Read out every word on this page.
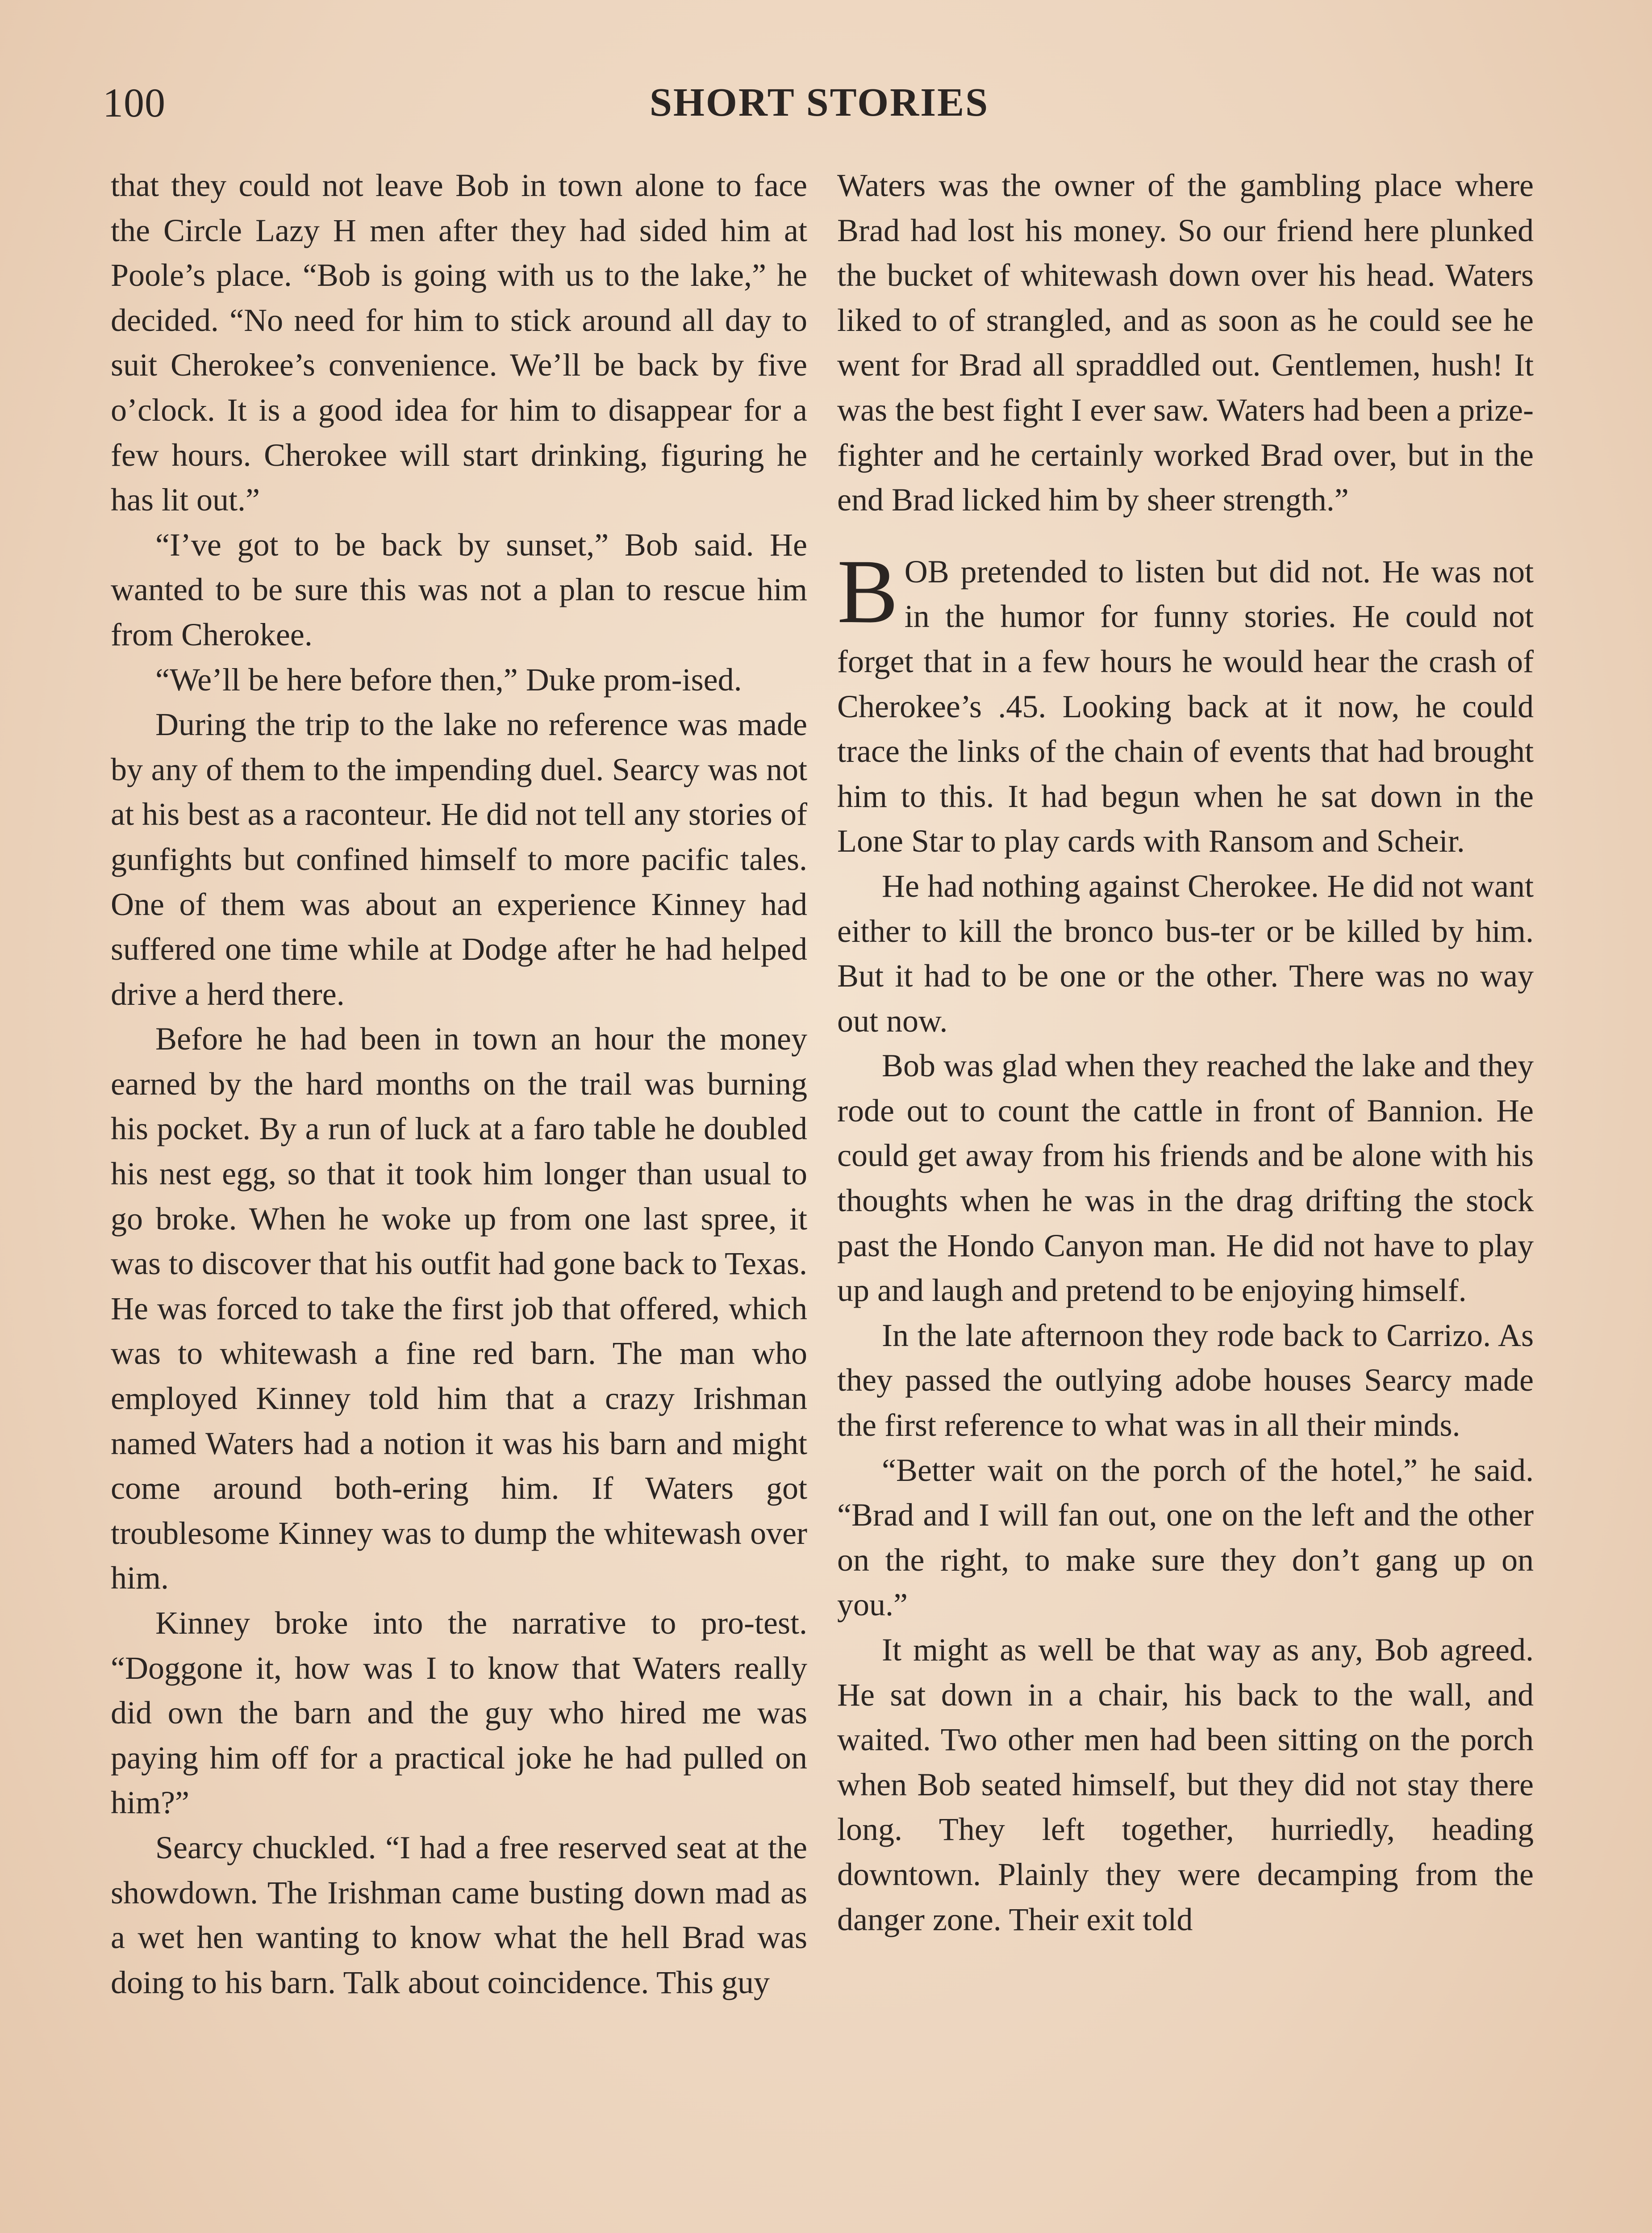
100	SHORT STORIES

that they could not leave Bob in town alone to face the Circle Lazy H men after they had sided him at Poole’s place. “Bob is going with us to the lake,” he decided. “No need for him to stick around all day to suit Cherokee’s convenience. We’ll be back by five o’clock. It is a good idea for him to disappear for a few hours. Cherokee will start drinking, figuring he has lit out.”

“I’ve got to be back by sunset,” Bob said. He wanted to be sure this was not a plan to rescue him from Cherokee.

“We’ll be here before then,” Duke prom-ised.

During the trip to the lake no reference was made by any of them to the impending duel. Searcy was not at his best as a raconteur. He did not tell any stories of gunfights but confined himself to more pacific tales. One of them was about an experience Kinney had suffered one time while at Dodge after he had helped drive a herd there.

Before he had been in town an hour the money earned by the hard months on the trail was burning his pocket. By a run of luck at a faro table he doubled his nest egg, so that it took him longer than usual to go broke. When he woke up from one last spree, it was to discover that his outfit had gone back to Texas. He was forced to take the first job that offered, which was to whitewash a fine red barn. The man who employed Kinney told him that a crazy Irishman named Waters had a notion it was his barn and might come around both-ering him. If Waters got troublesome Kinney was to dump the whitewash over him.

Kinney broke into the narrative to pro-test. “Doggone it, how was I to know that Waters really did own the barn and the guy who hired me was paying him off for a practical joke he had pulled on him?”

Searcy chuckled. “I had a free reserved seat at the showdown. The Irishman came busting down mad as a wet hen wanting to know what the hell Brad was doing to his barn. Talk about coincidence. This guy

Waters was the owner of the gambling place where Brad had lost his money. So our friend here plunked the bucket of whitewash down over his head. Waters liked to of strangled, and as soon as he could see he went for Brad all spraddled out. Gentlemen, hush! It was the best fight I ever saw. Waters had been a prize-fighter and he certainly worked Brad over, but in the end Brad licked him by sheer strength.”

BOB pretended to listen but did not. He was not in the humor for funny stories. He could not forget that in a few hours he would hear the crash of Cherokee’s .45. Looking back at it now, he could trace the links of the chain of events that had brought him to this. It had begun when he sat down in the Lone Star to play cards with Ransom and Scheir.

He had nothing against Cherokee. He did not want either to kill the bronco bus-ter or be killed by him. But it had to be one or the other. There was no way out now.

Bob was glad when they reached the lake and they rode out to count the cattle in front of Bannion. He could get away from his friends and be alone with his thoughts when he was in the drag drifting the stock past the Hondo Canyon man. He did not have to play up and laugh and pretend to be enjoying himself.

In the late afternoon they rode back to Carrizo. As they passed the outlying adobe houses Searcy made the first reference to what was in all their minds.

“Better wait on the porch of the hotel,” he said. “Brad and I will fan out, one on the left and the other on the right, to make sure they don’t gang up on you.”

It might as well be that way as any, Bob agreed. He sat down in a chair, his back to the wall, and waited. Two other men had been sitting on the porch when Bob seated himself, but they did not stay there long. They left together, hurriedly, heading downtown. Plainly they were decamping from the danger zone. Their exit told
